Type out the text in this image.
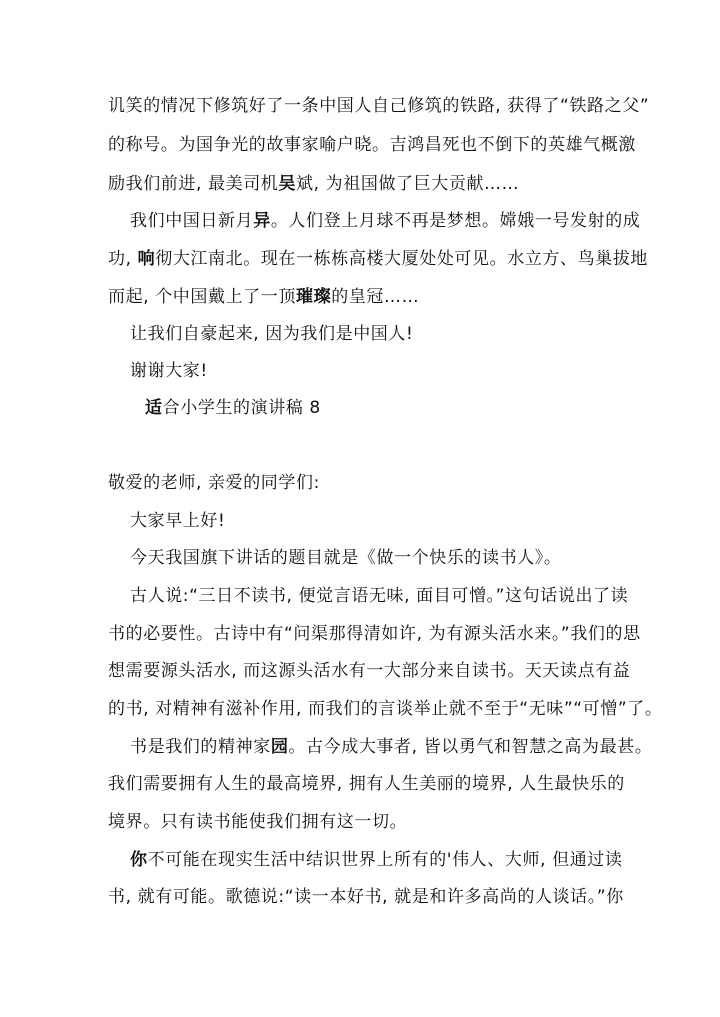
讥笑的情况下修筑好了一条中国人自己修筑的铁路, 获得了“铁路之父”
的称号。为国争光的故事家喻户晓。吉鸿昌死也不倒下的英雄气概激
励我们前进, 最美司机吴斌, 为祖国做了巨大贡献……
我们中国日新月异。人们登上月球不再是梦想。嫦娥一号发射的成
功, 响彻大江南北。现在一栋栋高楼大厦处处可见。水立方、鸟巢拔地
而起, 个中国戴上了一顶璀璨的皇冠……
让我们自豪起来, 因为我们是中国人!
谢谢大家!
适合小学生的演讲稿 8
敬爱的老师, 亲爱的同学们:
大家早上好!
今天我国旗下讲话的题目就是《做一个快乐的读书人》。
古人说:“三日不读书, 便觉言语无味, 面目可憎。”这句话说出了读
书的必要性。古诗中有“问渠那得清如许, 为有源头活水来。”我们的思
想需要源头活水, 而这源头活水有一大部分来自读书。天天读点有益
的书, 对精神有滋补作用, 而我们的言谈举止就不至于“无味”“可憎”了。
书是我们的精神家园。古今成大事者, 皆以勇气和智慧之高为最甚。
我们需要拥有人生的最高境界, 拥有人生美丽的境界, 人生最快乐的
境界。只有读书能使我们拥有这一切。
你不可能在现实生活中结识世界上所有的'伟人、大师, 但通过读
书, 就有可能。歌德说:“读一本好书, 就是和许多高尚的人谈话。”你
